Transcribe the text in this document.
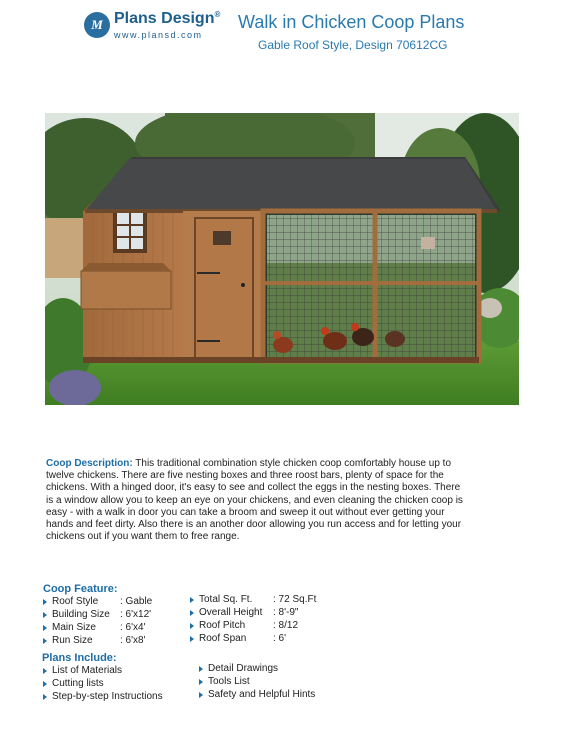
M Plans Design®
www.plansd.com
Walk in Chicken Coop Plans
Gable Roof Style, Design 70612CG
Coop Description: This traditional combination style chicken coop comfortably house up to twelve chickens. There are five nesting boxes and three roost bars, plenty of space for the chickens. With a hinged door, it's easy to see and collect the eggs in the nesting boxes. There is a window allow you to keep an eye on your chickens, and even cleaning the chicken coop is easy - with a walk in door you can take a broom and sweep it out without ever getting your hands and feet dirty. Also there is an another door allowing you run access and for letting your chickens out if you want them to free range.
Coop Feature:
Roof Style	: Gable
Building Size	: 6'x12'
Main Size	: 6'x4'
Run Size	: 6'x8'
Total Sq. Ft.	: 72 Sq.Ft
Overall Height	: 8'-9"
Roof Pitch	: 8/12
Roof Span	: 6'
Plans Include:
List of Materials
Cutting lists
Step-by-step Instructions
Detail Drawings
Tools List
Safety and Helpful Hints
